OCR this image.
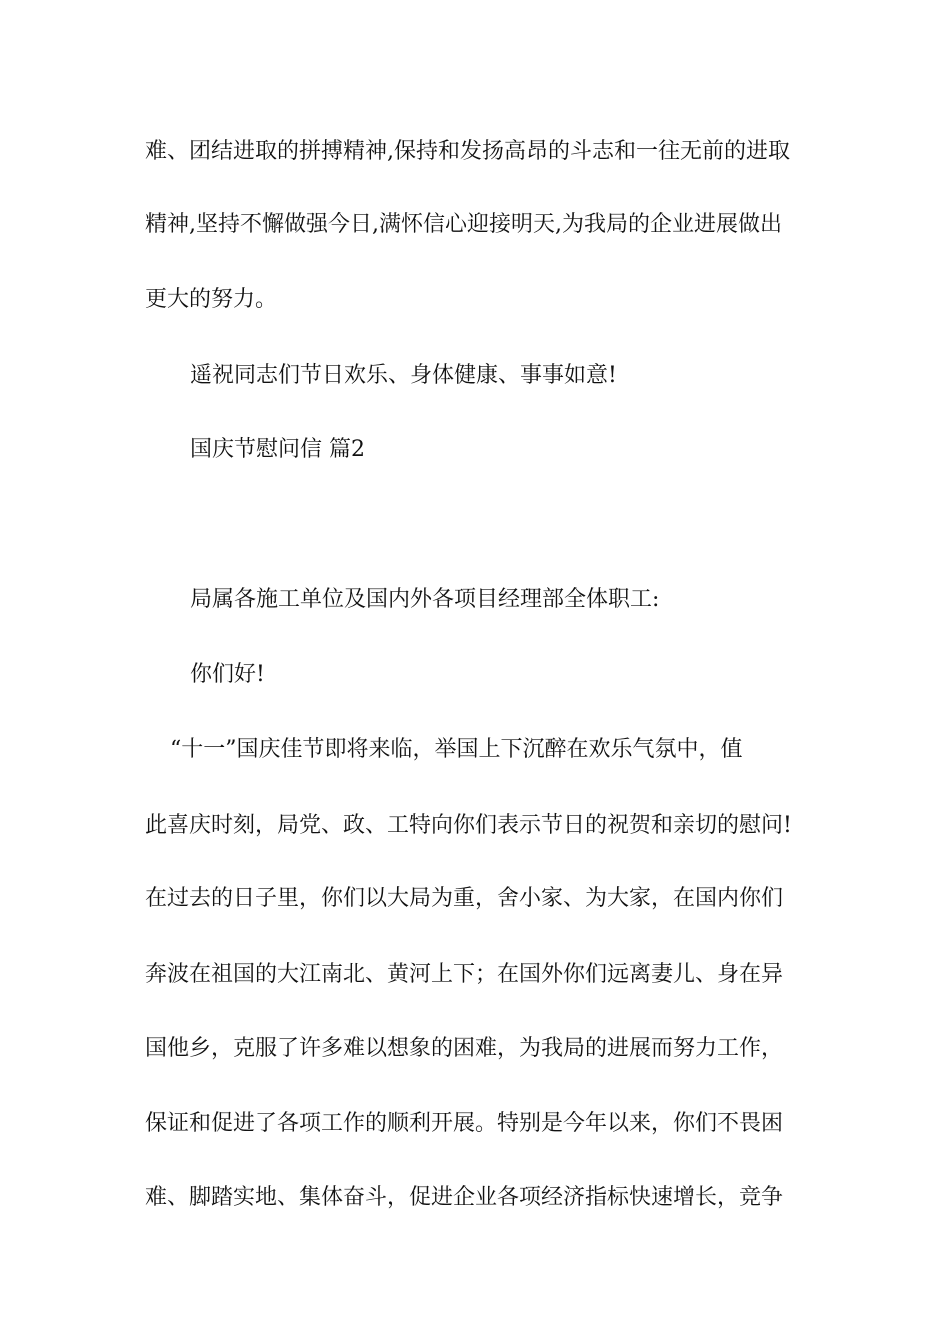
难、团结进取的拼搏精神,保持和发扬高昂的斗志和一往无前的进取
精神,坚持不懈做强今日,满怀信心迎接明天,为我局的企业进展做出
更大的努力。
遥祝同志们节日欢乐、身体健康、事事如意!
国庆节慰问信 篇2
局属各施工单位及国内外各项目经理部全体职工:
你们好!
“十一”国庆佳节即将来临，举国上下沉醉在欢乐气氛中，值
此喜庆时刻，局党、政、工特向你们表示节日的祝贺和亲切的慰问!
在过去的日子里，你们以大局为重，舍小家、为大家，在国内你们
奔波在祖国的大江南北、黄河上下；在国外你们远离妻儿、身在异
国他乡，克服了许多难以想象的困难，为我局的进展而努力工作，
保证和促进了各项工作的顺利开展。特别是今年以来，你们不畏困
难、脚踏实地、集体奋斗，促进企业各项经济指标快速增长，竞争
